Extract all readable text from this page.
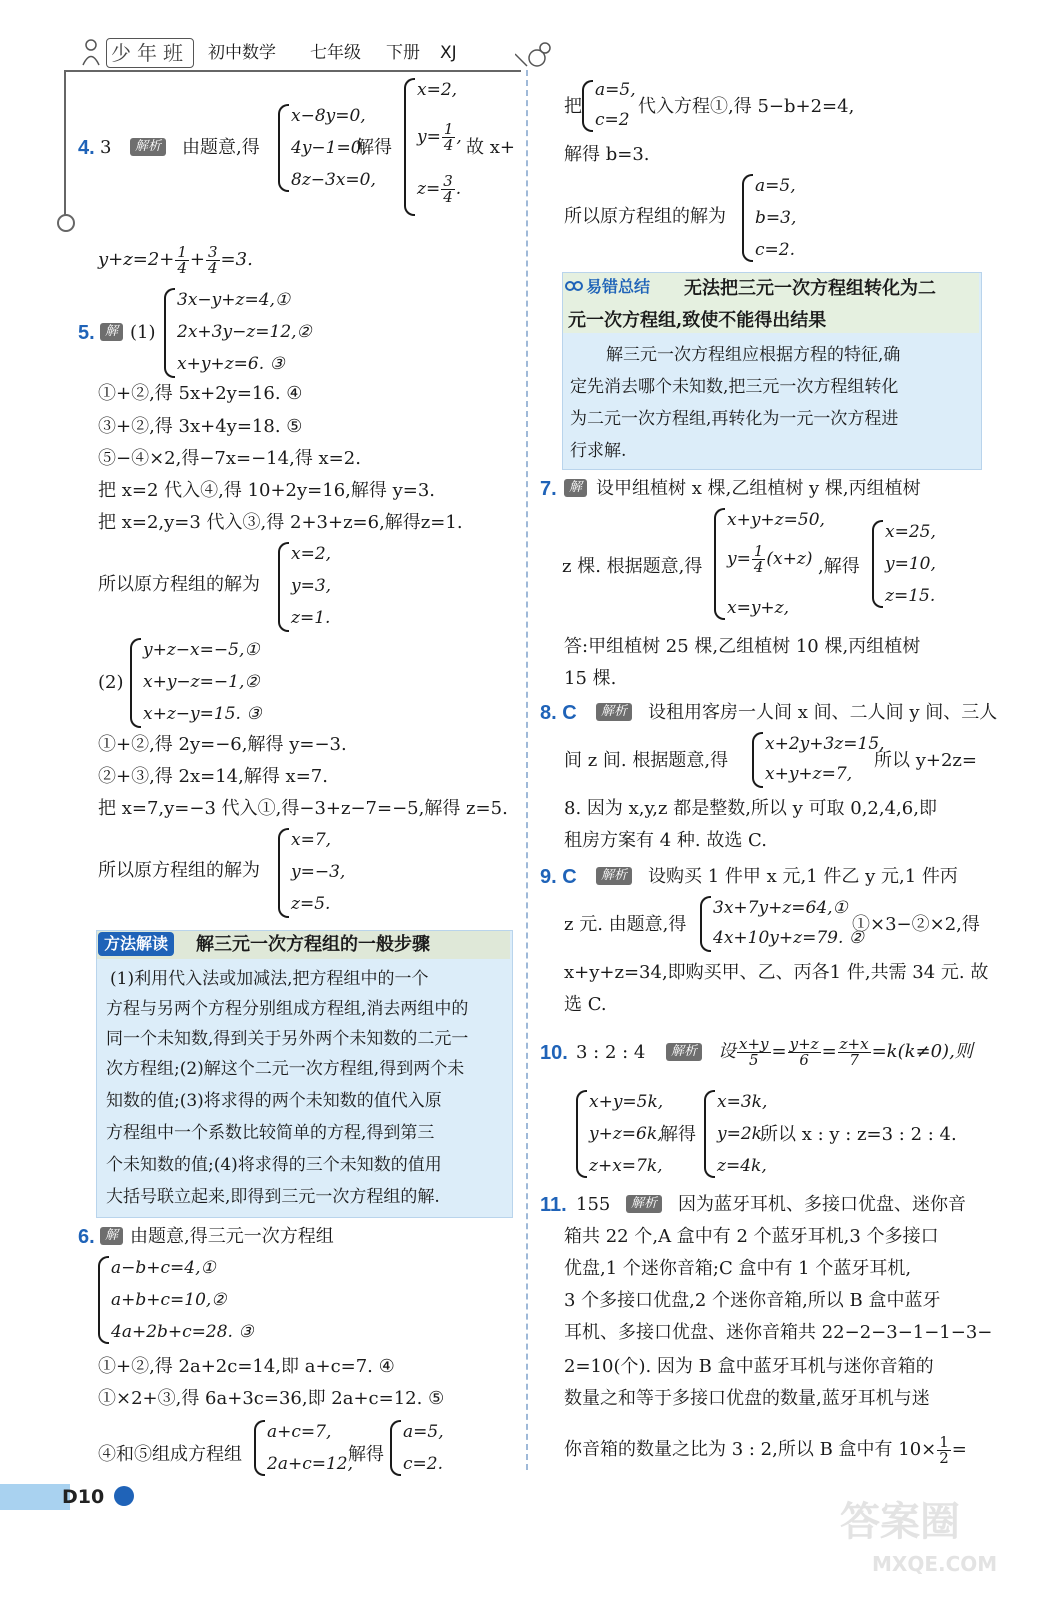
少年班 初中数学 七年级 下册 XJ
4. 3	解析 由题意,得
x−8y=0,
4y−1=0,
8z−3x=0,
解得
x=2,
$y= \frac{1}{4}$ ,
$z= \frac{3}{4}$ .
故 x+
$y+z=2+ \frac{1}{4} + \frac{3}{4} =3$.
5. 解 (1)
3x−y+z=4,①
2x+3y−z=12,②
x+y+z=6. ③
①+②,得 5x+2y=16. ④
③+②,得 3x+4y=18. ⑤
⑤−④×2,得−7x=−14,得 x=2.
把 x=2 代入④,得 10+2y=16,解得 y=3.
把 x=2,y=3 代入③,得 2+3+z=6,解得z=1.
所以原方程组的解为
x=2,
y=3,
z=1.
(2)
y+z−x=−5,①
x+y−z=−1,②
x+z−y=15. ③
①+②,得 2y=−6,解得 y=−3.
②+③,得 2x=14,解得 x=7.
把 x=7,y=−3 代入①,得−3+z−7=−5,解得 z=5.
所以原方程组的解为
x=7,
y=−3,
z=5.
方法解读	解三元一次方程组的一般步骤
(1)利用代入法或加减法,把方程组中的一个
方程与另两个方程分别组成方程组,消去两组中的
同一个未知数,得到关于另外两个未知数的二元一
次方程组;(2)解这个二元一次方程组,得到两个未
知数的值;(3)将求得的两个未知数的值代入原
方程组中一个系数比较简单的方程,得到第三
个未知数的值;(4)将求得的三个未知数的值用
大括号联立起来,即得到三元一次方程组的解.
6. 解 由题意,得三元一次方程组
a−b+c=4,①
a+b+c=10,②
4a+2b+c=28. ③
①+②,得 2a+2c=14,即 a+c=7. ④
①×2+③,得 6a+3c=36,即 2a+c=12. ⑤
④和⑤组成方程组
a+c=7,
2a+c=12,
解得
a=5,
c=2.
把
a=5,
c=2
代入方程①,得 5−b+2=4,
解得 b=3.
所以原方程组的解为
a=5,
b=3,
c=2.
易错总结 无法把三元一次方程组转化为二
元一次方程组,致使不能得出结果
解三元一次方程组应根据方程的特征,确
定先消去哪个未知数,把三元一次方程组转化
为二元一次方程组,再转化为一元一次方程进
行求解.
7. 解 设甲组植树 x 棵,乙组植树 y 棵,丙组植树
z 棵. 根据题意,得
x+y+z=50,
$y= \frac{1}{4} (x+z)$
x=y+z,
,解得
x=25,
y=10,
z=15.
答:甲组植树 25 棵,乙组植树 10 棵,丙组植树
15 棵.
8. C	解析 设租用客房一人间 x 间、二人间 y 间、三人
间 z 间. 根据题意,得
x+2y+3z=15,
x+y+z=7,
所以 y+2z=
8. 因为 x,y,z 都是整数,所以 y 可取 0,2,4,6,即
租房方案有 4 种. 故选 C.
9. C	解析 设购买 1 件甲 x 元,1 件乙 y 元,1 件丙
z 元. 由题意,得
3x+7y+z=64,①
4x+10y+z=79. ②
①×3−②×2,得
x+y+z=34,即购买甲、乙、丙各1 件,共需 34 元. 故
选 C.
10. 3 : 2 : 4	解析 设 $\frac{x+y}{5} = \frac{y+z}{6} = \frac{z+x}{7} =k(k\ne 0)$,则
x+y=5k,
y+z=6k,
z+x=7k,
解得
x=3k,
y=2k,
z=4k,
所以 x : y : z=3 : 2 : 4.
11. 155	解析 因为蓝牙耳机、多接口优盘、迷你音
箱共 22 个,A 盒中有 2 个蓝牙耳机,3 个多接口
优盘,1 个迷你音箱;C 盒中有 1 个蓝牙耳机,
3 个多接口优盘,2 个迷你音箱,所以 B 盒中蓝牙
耳机、多接口优盘、迷你音箱共 22−2−3−1−1−3−
2=10(个). 因为 B 盒中蓝牙耳机与迷你音箱的
数量之和等于多接口优盘的数量,蓝牙耳机与迷
你音箱的数量之比为 3 : 2,所以 B 盒中有 $10\times \frac{1}{2}$ =
D10
答案圈
MXQE.COM
